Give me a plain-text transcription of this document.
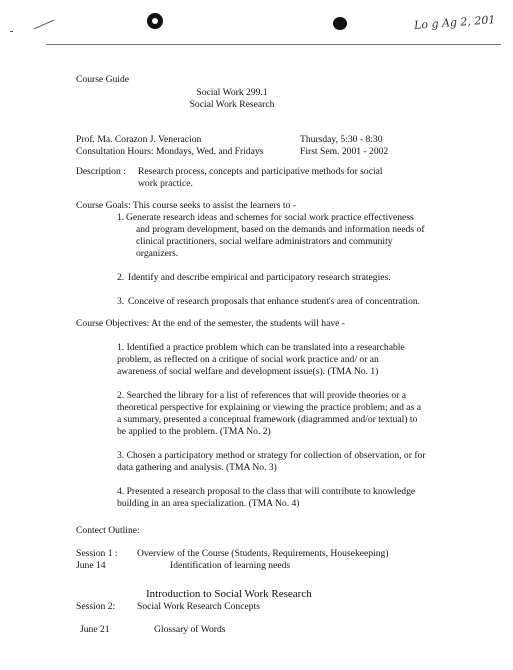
Lo g Ag 2, 201
Course Guide
Social Work 299.1
Social Work Research
Prof. Ma. Corazon J. Veneracion	Thursday, 5:30 - 8:30
Consultation Hours: Mondays, Wed. and Fridays	First Sem. 2001 - 2002
Description : Research process, concepts and participative methods for social
work practice.
Course Goals: This course seeks to assist the learners to -
1. Generate research ideas and schemes for social work practice effectiveness
and program development, based on the demands and information needs of
clinical practitioners, social welfare administrators and community
organizers.
2. Identify and describe empirical and participatory research strategies.
3. Conceive of research proposals that enhance student's area of concentration.
Course Objectives: At the end of the semester, the students will have -
1. Identified a practice problem which can be translated into a researchable
problem, as reflected on a critique of social work practice and/ or an
awareness of social welfare and development issue(s). (TMA No. 1)
2. Searched the library for a list of references that will provide theories or a
theoretical perspective for explaining or viewing the practice problem; and as a
a summary, presented a conceptual framework (diagrammed and/or textual) to
be applied to the problem. (TMA No. 2)
3. Chosen a participatory method or strategy for collection of observation, or for
data gathering and analysis. (TMA No. 3)
4. Presented a research proposal to the class that will contribute to knowledge
building in an area specialization. (TMA No. 4)
Contect Outline:
Session 1 : Overview of the Course (Students, Requirements, Housekeeping)
June 14	Identification of learning needs
Introduction to Social Work Research
Session 2: Social Work Research Concepts
June 21	Glossary of Words
